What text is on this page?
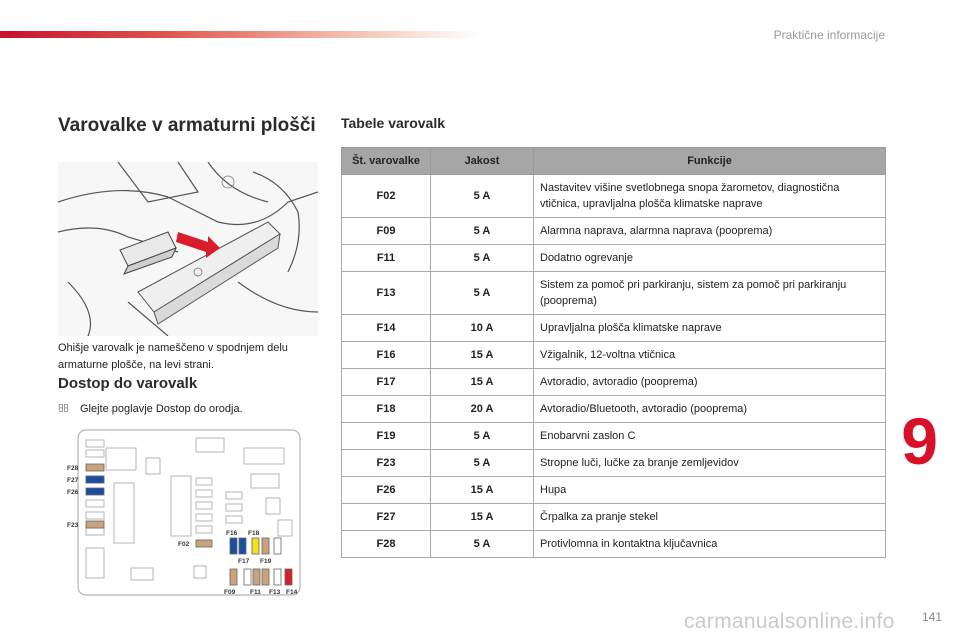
Praktične informacije
9
Varovalke v armaturni plošči

Ohišje varovalk je nameščeno v spodnjem delu armaturne plošče, na levi strani.

Dostop do varovalk
Glejte poglavje Dostop do orodja.
F28
F27
F26
F23
F02
F16 F18
F17 F19
F09 F11 F13 F14
Tabele varovalk
Št. varovalke	Jakost	Funkcije
F02	5 A	Nastavitev višine svetlobnega snopa žarometov, diagnostična vtičnica, upravljalna plošča klimatske naprave
F09	5 A	Alarmna naprava, alarmna naprava (pooprema)
F11	5 A	Dodatno ogrevanje
F13	5 A	Sistem za pomoč pri parkiranju, sistem za pomoč pri parkiranju (pooprema)
F14	10 A	Upravljalna plošča klimatske naprave
F16	15 A	Vžigalnik, 12-voltna vtičnica
F17	15 A	Avtoradio, avtoradio (pooprema)
F18	20 A	Avtoradio/Bluetooth, avtoradio (pooprema)
F19	5 A	Enobarvni zaslon C
F23	5 A	Stropne luči, lučke za branje zemljevidov
F26	15 A	Hupa
F27	15 A	Črpalka za pranje stekel
F28	5 A	Protivlomna in kontaktna ključavnica
carmanualsonline.info 141
